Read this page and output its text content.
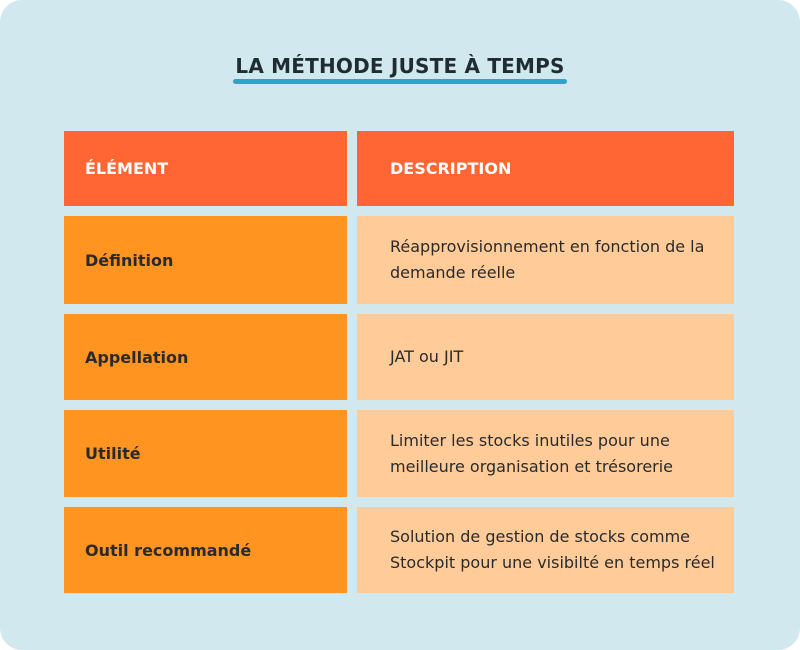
LA MÉTHODE JUSTE À TEMPS
ÉLÉMENT	DESCRIPTION
Définition
Réapprovisionnement en fonction de la demande réelle
Appellation	JAT ou JIT
Utilité
Limiter les stocks inutiles pour une meilleure organisation et trésorerie
Outil recommandé
Solution de gestion de stocks comme Stockpit pour une visibilté en temps réel
